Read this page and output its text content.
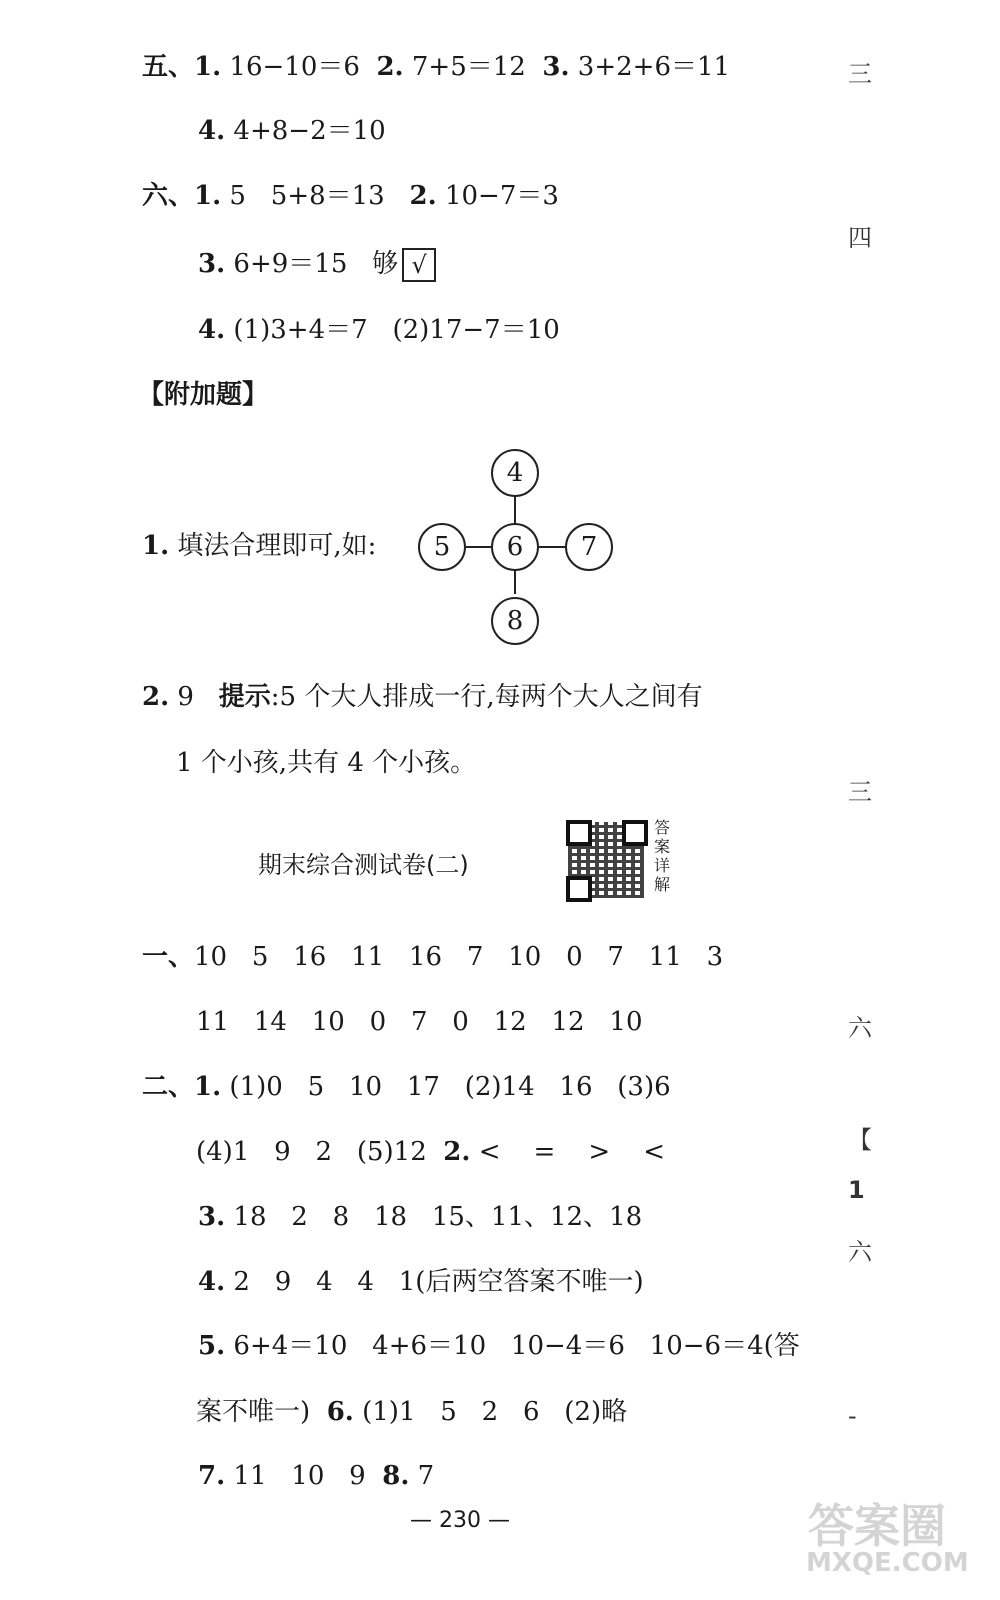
五、1. 16−10＝6  2. 7+5＝12  3. 3+2+6＝11
4. 4+8−2＝10
六、1. 5   5+8＝13   2. 10−7＝3
3. 6+9＝15   够 √
4. (1)3+4＝7   (2)17−7＝10
【附加题】
1. 填法合理即可,如:
4
5	6	7
8
2. 9   提示:5 个大人排成一行,每两个大人之间有
1 个小孩,共有 4 个小孩。
期末综合测试卷(二)
答案详解
一、10   5   16   11   16   7   10   0   7   11   3
11   14   10   0   7   0   12   12   10
二、1. (1)0   5   10   17   (2)14   16   (3)6
(4)1   9   2   (5)12  2. <    =    >    <
3. 18   2   8   18   15、11、12、18
4. 2   9   4   4   1(后两空答案不唯一)
5. 6+4＝10   4+6＝10   10−4＝6   10−6＝4(答
案不唯一)  6. (1)1   5   2   6   (2)略
7. 11   10   9  8. 7
— 230 —
三
四
三
六
【
1
六
-
答案圈
MXQE.COM
